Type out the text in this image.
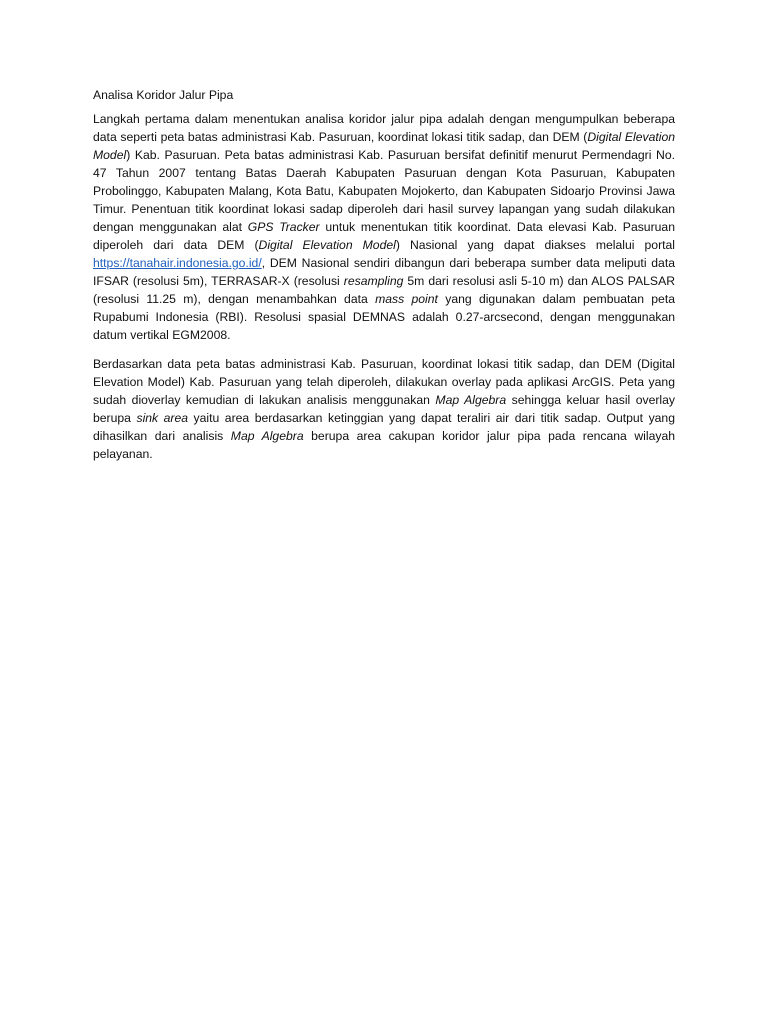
Analisa Koridor Jalur Pipa

Langkah pertama dalam menentukan analisa koridor jalur pipa adalah dengan mengumpulkan beberapa data seperti peta batas administrasi Kab. Pasuruan, koordinat lokasi titik sadap, dan DEM (Digital Elevation Model) Kab. Pasuruan. Peta batas administrasi Kab. Pasuruan bersifat definitif menurut Permendagri No. 47 Tahun 2007 tentang Batas Daerah Kabupaten Pasuruan dengan Kota Pasuruan, Kabupaten Probolinggo, Kabupaten Malang, Kota Batu, Kabupaten Mojokerto, dan Kabupaten Sidoarjo Provinsi Jawa Timur. Penentuan titik koordinat lokasi sadap diperoleh dari hasil survey lapangan yang sudah dilakukan dengan menggunakan alat GPS Tracker untuk menentukan titik koordinat. Data elevasi Kab. Pasuruan diperoleh dari data DEM (Digital Elevation Model) Nasional yang dapat diakses melalui portal https://tanahair.indonesia.go.id/, DEM Nasional sendiri dibangun dari beberapa sumber data meliputi data IFSAR (resolusi 5m), TERRASAR-X (resolusi resampling 5m dari resolusi asli 5-10 m) dan ALOS PALSAR (resolusi 11.25 m), dengan menambahkan data mass point yang digunakan dalam pembuatan peta Rupabumi Indonesia (RBI). Resolusi spasial DEMNAS adalah 0.27-arcsecond, dengan menggunakan datum vertikal EGM2008.

Berdasarkan data peta batas administrasi Kab. Pasuruan, koordinat lokasi titik sadap, dan DEM (Digital Elevation Model) Kab. Pasuruan yang telah diperoleh, dilakukan overlay pada aplikasi ArcGIS. Peta yang sudah dioverlay kemudian di lakukan analisis menggunakan Map Algebra sehingga keluar hasil overlay berupa sink area yaitu area berdasarkan ketinggian yang dapat teraliri air dari titik sadap. Output yang dihasilkan dari analisis Map Algebra berupa area cakupan koridor jalur pipa pada rencana wilayah pelayanan.
